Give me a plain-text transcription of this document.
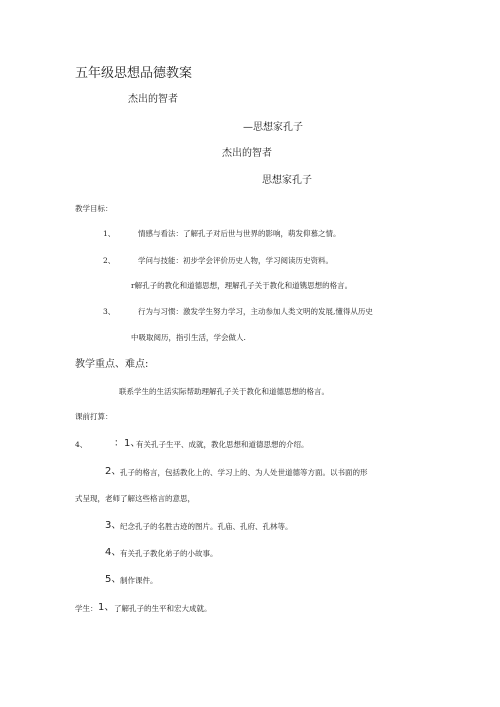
五年级思想品德教案
杰出的智者
—思想家孔子
杰出的智者
思想家孔子
教学目标：
1、	情感与看法：了解孔子对后世与世界的影响，萌发仰慕之情。
2、	学问与技能：初步学会评价历史人物，学习阅读历史资料。
r解孔子的教化和道德思想，理解孔子关于教化和道镌思想的格言。
3、	行为与习惯：激发学生努力学习，主动参加人类文明的发展,懂得从历史
中吸取阅历，指引生活，学会做人.
教学重点、难点:
联系学生的生活实际帮助理解孔子关于教化和道德思想的格言。
课前打算：
4、	：1、
有关孔子生平、成就，教化思想和道德思想的介绍。
2、
孔子的格言，包括教化上的、学习上的、为人处世道德等方面。以书面的形
式呈现，老师了解这些格言的意思，
3、
纪念孔子的名胜古迹的图片。孔庙、孔府、孔林等。
4、
有关孔子教化弟子的小故事。
5、
制作课件。
学生： 1、 了解孔子的生平和宏大成就。
